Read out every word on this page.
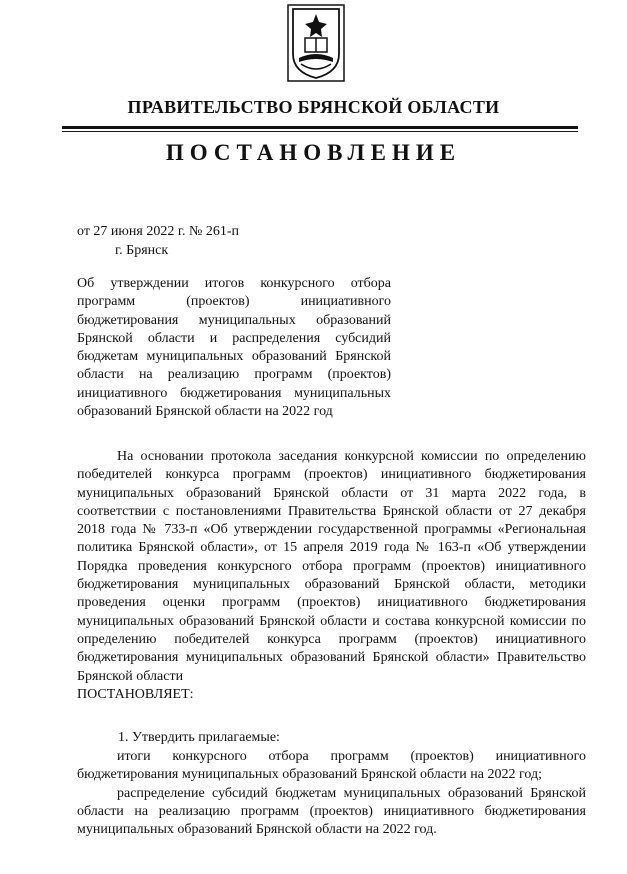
ПРАВИТЕЛЬСТВО БРЯНСКОЙ ОБЛАСТИ
ПОСТАНОВЛЕНИЕ
от 27 июня 2022 г. № 261-п
г. Брянск
Об утверждении итогов конкурсного отбора программ (проектов) инициативного бюджетирования муниципальных образований Брянской области и распределения субсидий бюджетам муниципальных образований Брянской области на реализацию программ (проектов) инициативного бюджетирования муниципальных образований Брянской области на 2022 год

На основании протокола заседания конкурсной комиссии по определению победителей конкурса программ (проектов) инициативного бюджетирования муниципальных образований Брянской области от 31 марта 2022 года, в соответствии с постановлениями Правительства Брянской области от 27 декабря 2018 года № 733-п «Об утверждении государственной программы «Региональная политика Брянской области», от 15 апреля 2019 года № 163-п «Об утверждении Порядка проведения конкурсного отбора программ (проектов) инициативного бюджетирования муниципальных образований Брянской области, методики проведения оценки программ (проектов) инициативного бюджетирования муниципальных образований Брянской области и состава конкурсной комиссии по определению победителей конкурса программ (проектов) инициативного бюджетирования муниципальных образований Брянской области» Правительство Брянской области

ПОСТАНОВЛЯЕТ:

1. Утвердить прилагаемые:

итоги конкурсного отбора программ (проектов) инициативного бюджетирования муниципальных образований Брянской области на 2022 год;

распределение субсидий бюджетам муниципальных образований Брянской области на реализацию программ (проектов) инициативного бюджетирования муниципальных образований Брянской области на 2022 год.
